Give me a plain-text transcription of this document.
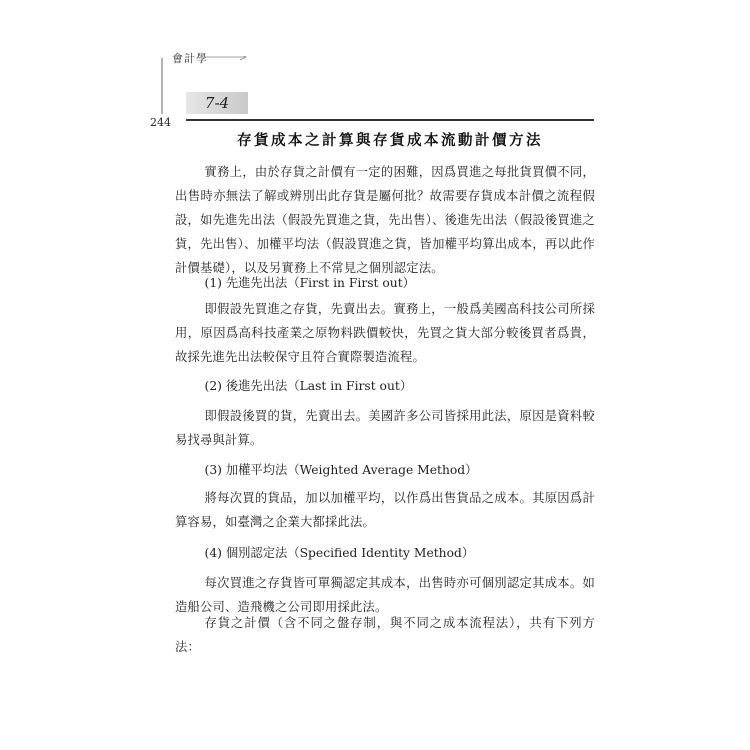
會計學
7-4
244
存貨成本之計算與存貨成本流動計價方法

實務上，由於存貨之計價有一定的困難，因爲買進之每批貨買價不同，出售時亦無法了解或辨別出此存貨是屬何批？故需要存貨成本計價之流程假設，如先進先出法（假設先買進之貨，先出售）、後進先出法（假設後買進之貨，先出售）、加權平均法（假設買進之貨，皆加權平均算出成本，再以此作計價基礎），以及另實務上不常見之個別認定法。

(1) 先進先出法（First in First out）

即假設先買進之存貨，先賣出去。實務上，一般爲美國高科技公司所採用，原因爲高科技產業之原物料跌價較快，先買之貨大部分較後買者爲貴，故採先進先出法較保守且符合實際製造流程。

(2) 後進先出法（Last in First out）

即假設後買的貨，先賣出去。美國許多公司皆採用此法，原因是資料較易找尋與計算。

(3) 加權平均法（Weighted Average Method）

將每次買的貨品，加以加權平均，以作爲出售貨品之成本。其原因爲計算容易，如臺灣之企業大都採此法。

(4) 個別認定法（Specified Identity Method）

每次買進之存貨皆可單獨認定其成本，出售時亦可個別認定其成本。如造船公司、造飛機之公司即用採此法。

存貨之計價（含不同之盤存制，與不同之成本流程法），共有下列方法：
